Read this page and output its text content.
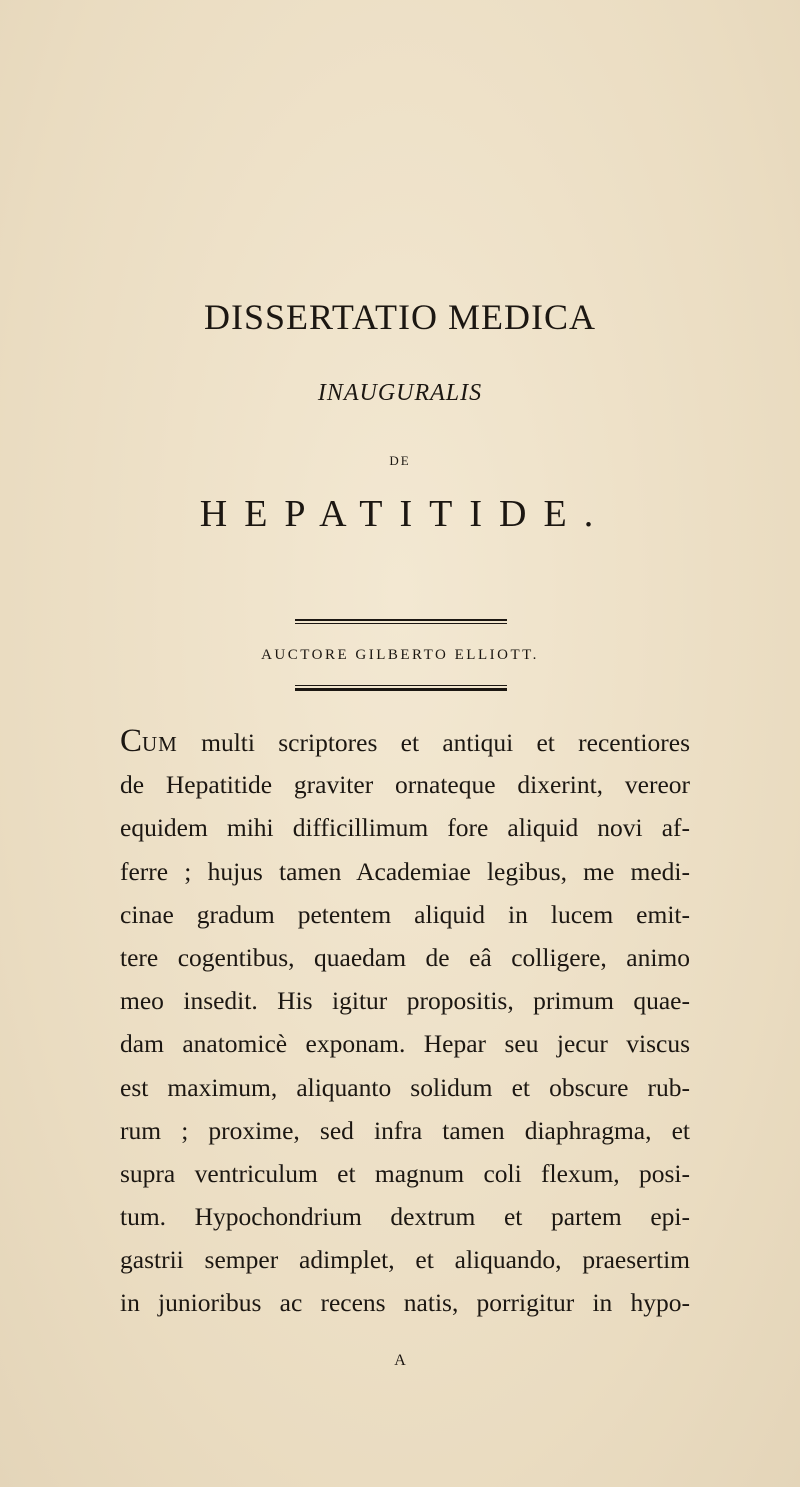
DISSERTATIO MEDICA
INAUGURALIS
DE
HEPATITIDE.
AUCTORE GILBERTO ELLIOTT.
CUM multi scriptores et antiqui et recentiores
de Hepatitide graviter ornateque dixerint, vereor
equidem mihi difficillimum fore aliquid novi af-
ferre ; hujus tamen Academiae legibus, me medi-
cinae gradum petentem aliquid in lucem emit-
tere cogentibus, quaedam de eâ colligere, animo
meo insedit. His igitur propositis, primum quae-
dam anatomicè exponam. Hepar seu jecur viscus
est maximum, aliquanto solidum et obscure rub-
rum ; proxime, sed infra tamen diaphragma, et
supra ventriculum et magnum coli flexum, posi-
tum. Hypochondrium dextrum et partem epi-
gastrii semper adimplet, et aliquando, praesertim
in junioribus ac recens natis, porrigitur in hypo-
A
